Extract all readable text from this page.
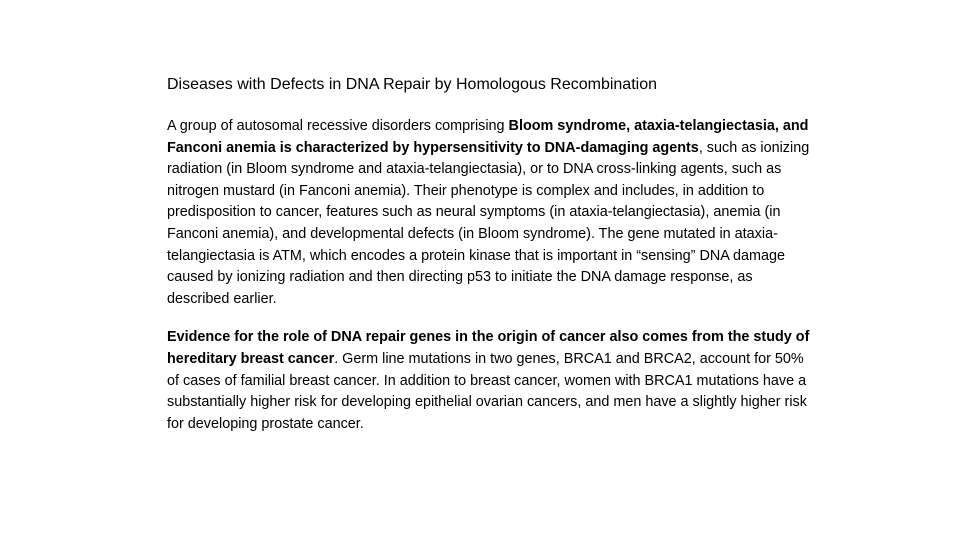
Diseases with Defects in DNA Repair by Homologous Recombination

A group of autosomal recessive disorders comprising Bloom syndrome, ataxia-telangiectasia, and Fanconi anemia is characterized by hypersensitivity to DNA-damaging agents, such as ionizing radiation (in Bloom syndrome and ataxia-telangiectasia), or to DNA cross-linking agents, such as nitrogen mustard (in Fanconi anemia). Their phenotype is complex and includes, in addition to predisposition to cancer, features such as neural symptoms (in ataxia-telangiectasia), anemia (in Fanconi anemia), and developmental defects (in Bloom syndrome). The gene mutated in ataxia-telangiectasia is ATM, which encodes a protein kinase that is important in “sensing” DNA damage caused by ionizing radiation and then directing p53 to initiate the DNA damage response, as described earlier.

Evidence for the role of DNA repair genes in the origin of cancer also comes from the study of hereditary breast cancer. Germ line mutations in two genes, BRCA1 and BRCA2, account for 50% of cases of familial breast cancer. In addition to breast cancer, women with BRCA1 mutations have a substantially higher risk for developing epithelial ovarian cancers, and men have a slightly higher risk for developing prostate cancer.
